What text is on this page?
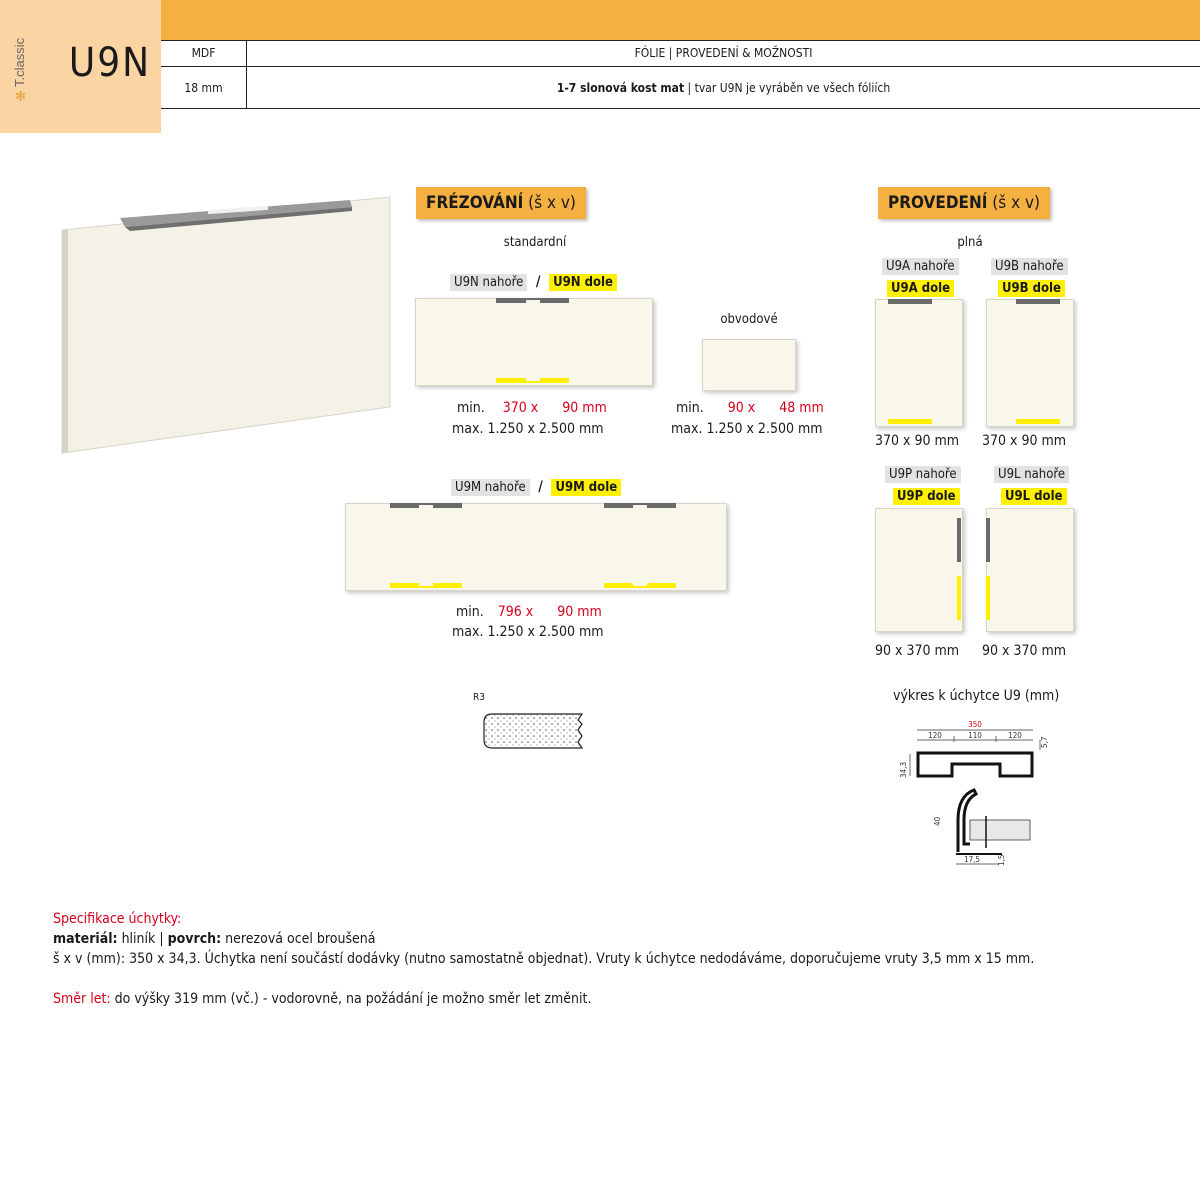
✻T.classic U9N	MDF	FÓLIE | PROVEDENÍ & MOŽNOSTI
18 mm	1-7 slonová kost mat | tvar U9N je vyráběn ve všech fóliích
FRÉZOVÁNÍ (š x v)
standardní
U9N nahoře / U9N dole
min. 370 x 90 mm
max. 1.250 x 2.500 mm
obvodové
min. 90 x 48 mm
max. 1.250 x 2.500 mm
U9M nahoře / U9M dole
min. 796 x 90 mm
max. 1.250 x 2.500 mm
R3
PROVEDENÍ (š x v)
plná
U9A nahoře
U9A dole
U9B nahoře
U9B dole
370 x 90 mm 370 x 90 mm
U9P nahoře
U9P dole
U9L nahoře
U9L dole
90 x 370 mm 90 x 370 mm
výkres k úchytce U9 (mm)
350
120	110	120
5,7
34,3
40
17,5 1,5
Specifikace úchytky:
materiál: hliník | povrch: nerezová ocel broušená
š x v (mm): 350 x 34,3. Úchytka není součástí dodávky (nutno samostatně objednat). Vruty k úchytce nedodáváme, doporučujeme vruty 3,5 mm x 15 mm.
Směr let: do výšky 319 mm (vč.) - vodorovně, na požádání je možno směr let změnit.
